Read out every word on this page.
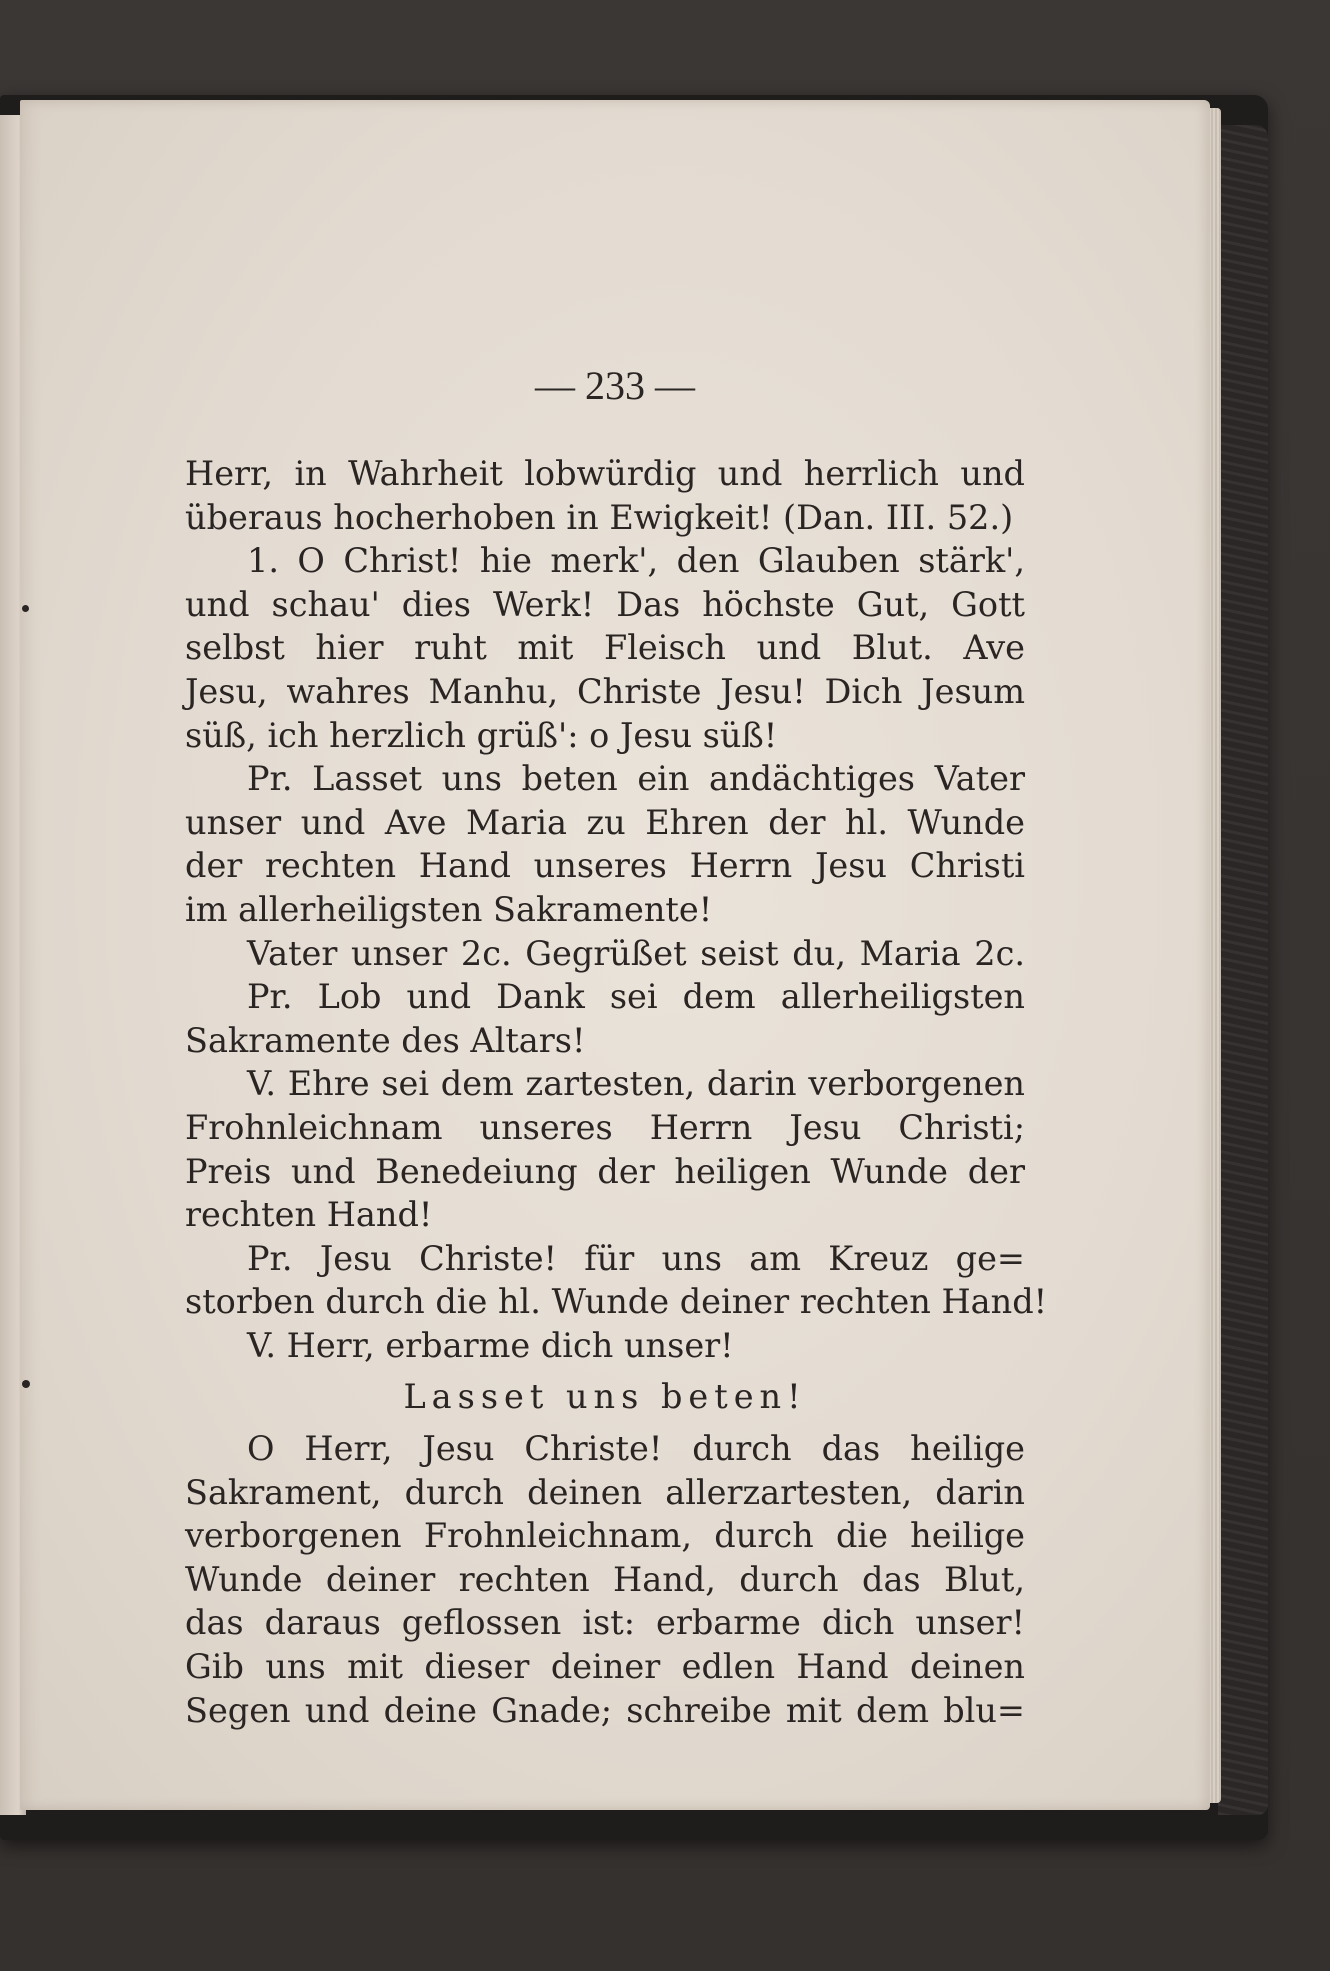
— 233 —
Herr, in Wahrheit lobwürdig und herrlich und
überaus hocherhoben in Ewigkeit! (Dan. III. 52.)
1. O Christ! hie merk', den Glauben stärk',
und schau' dies Werk! Das höchste Gut, Gott
selbst hier ruht mit Fleisch und Blut. Ave
Jesu, wahres Manhu, Christe Jesu! Dich Jesum
süß, ich herzlich grüß': o Jesu süß!
Pr. Lasset uns beten ein andächtiges Vater
unser und Ave Maria zu Ehren der hl. Wunde
der rechten Hand unseres Herrn Jesu Christi
im allerheiligsten Sakramente!
Vater unser 2c. Gegrüßet seist du, Maria 2c.
Pr. Lob und Dank sei dem allerheiligsten
Sakramente des Altars!
V. Ehre sei dem zartesten, darin verborgenen
Frohnleichnam unseres Herrn Jesu Christi;
Preis und Benedeiung der heiligen Wunde der
rechten Hand!
Pr. Jesu Christe! für uns am Kreuz ge=
storben durch die hl. Wunde deiner rechten Hand!
V. Herr, erbarme dich unser!
Lasset uns beten!
O Herr, Jesu Christe! durch das heilige
Sakrament, durch deinen allerzartesten, darin
verborgenen Frohnleichnam, durch die heilige
Wunde deiner rechten Hand, durch das Blut,
das daraus geflossen ist: erbarme dich unser!
Gib uns mit dieser deiner edlen Hand deinen
Segen und deine Gnade; schreibe mit dem blu=
